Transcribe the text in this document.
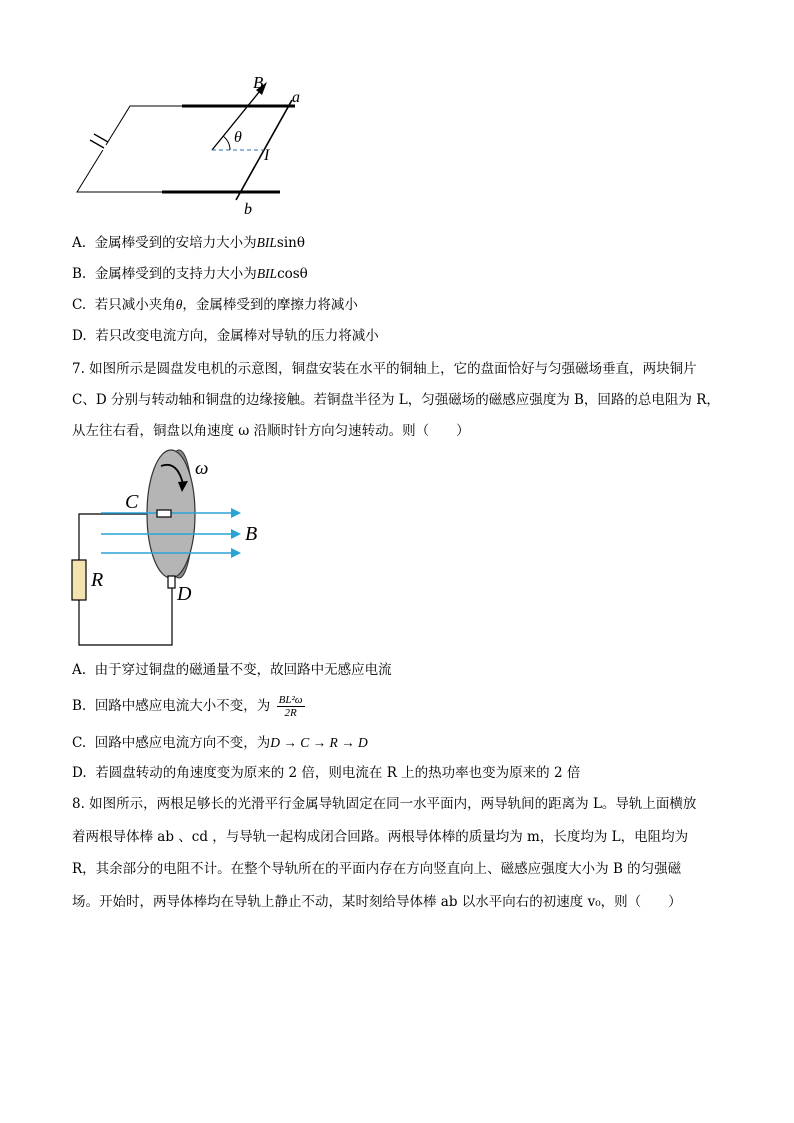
B
a
b
θ
I
A. 金属棒受到的安培力大小为BILsinθ
B. 金属棒受到的支持力大小为BILcosθ
C. 若只减小夹角θ，金属棒受到的摩擦力将减小
D. 若只改变电流方向，金属棒对导轨的压力将减小
7. 如图所示是圆盘发电机的示意图，铜盘安装在水平的铜轴上，它的盘面恰好与匀强磁场垂直，两块铜片
C、D 分别与转动轴和铜盘的边缘接触。若铜盘半径为 L，匀强磁场的磁感应强度为 B，回路的总电阻为 R，
从左往右看，铜盘以角速度 ω 沿顺时针方向匀速转动。则（　　）
ω
C
B
R
D
A. 由于穿过铜盘的磁通量不变，故回路中无感应电流
B. 回路中感应电流大小不变，为 $\frac{\text{BL²ω}}{2R}$
C. 回路中感应电流方向不变，为D → C → R → D
D. 若圆盘转动的角速度变为原来的 2 倍，则电流在 R 上的热功率也变为原来的 2 倍
8. 如图所示，两根足够长的光滑平行金属导轨固定在同一水平面内，两导轨间的距离为 L。导轨上面横放
着两根导体棒 ab 、cd ，与导轨一起构成闭合回路。两根导体棒的质量均为 m，长度均为 L，电阻均为
R，其余部分的电阻不计。在整个导轨所在的平面内存在方向竖直向上、磁感应强度大小为 B 的匀强磁
场。开始时，两导体棒均在导轨上静止不动，某时刻给导体棒 ab 以水平向右的初速度 v₀，则（　　）
